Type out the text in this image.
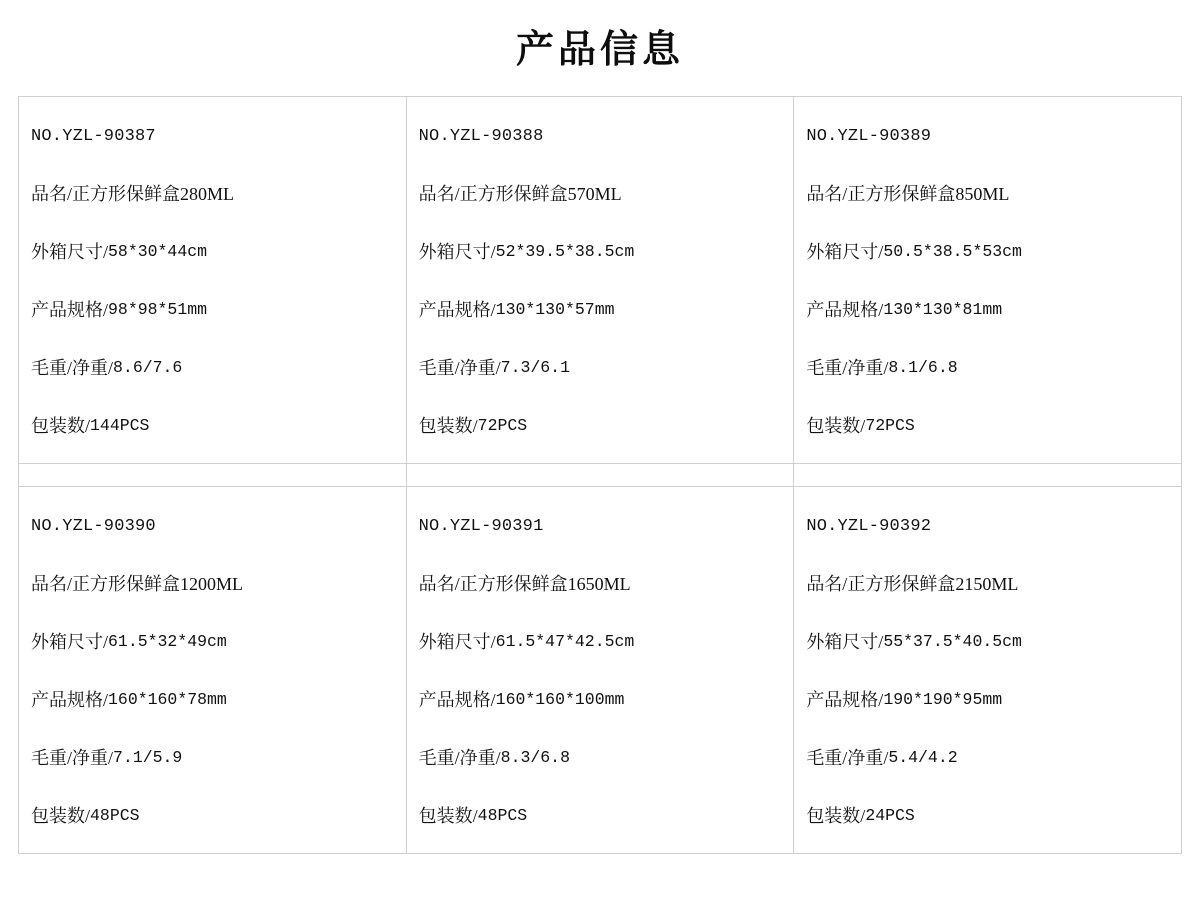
产品信息
NO.YZL-90387
品名/ 正方形保鲜盒280ML
外箱尺寸/ 58*30*44cm
产品规格/ 98*98*51mm
毛重/净重/ 8.6/7.6
包装数/ 144PCS

NO.YZL-90388
品名/ 正方形保鲜盒570ML
外箱尺寸/ 52*39.5*38.5cm
产品规格/ 130*130*57mm
毛重/净重/ 7.3/6.1
包装数/ 72PCS

NO.YZL-90389
品名/ 正方形保鲜盒850ML
外箱尺寸/ 50.5*38.5*53cm
产品规格/ 130*130*81mm
毛重/净重/ 8.1/6.8
包装数/ 72PCS

NO.YZL-90390
品名/ 正方形保鲜盒1200ML
外箱尺寸/ 61.5*32*49cm
产品规格/ 160*160*78mm
毛重/净重/ 7.1/5.9
包装数/ 48PCS

NO.YZL-90391
品名/ 正方形保鲜盒1650ML
外箱尺寸/ 61.5*47*42.5cm
产品规格/ 160*160*100mm
毛重/净重/ 8.3/6.8
包装数/ 48PCS

NO.YZL-90392
品名/ 正方形保鲜盒2150ML
外箱尺寸/ 55*37.5*40.5cm
产品规格/ 190*190*95mm
毛重/净重/ 5.4/4.2
包装数/ 24PCS
